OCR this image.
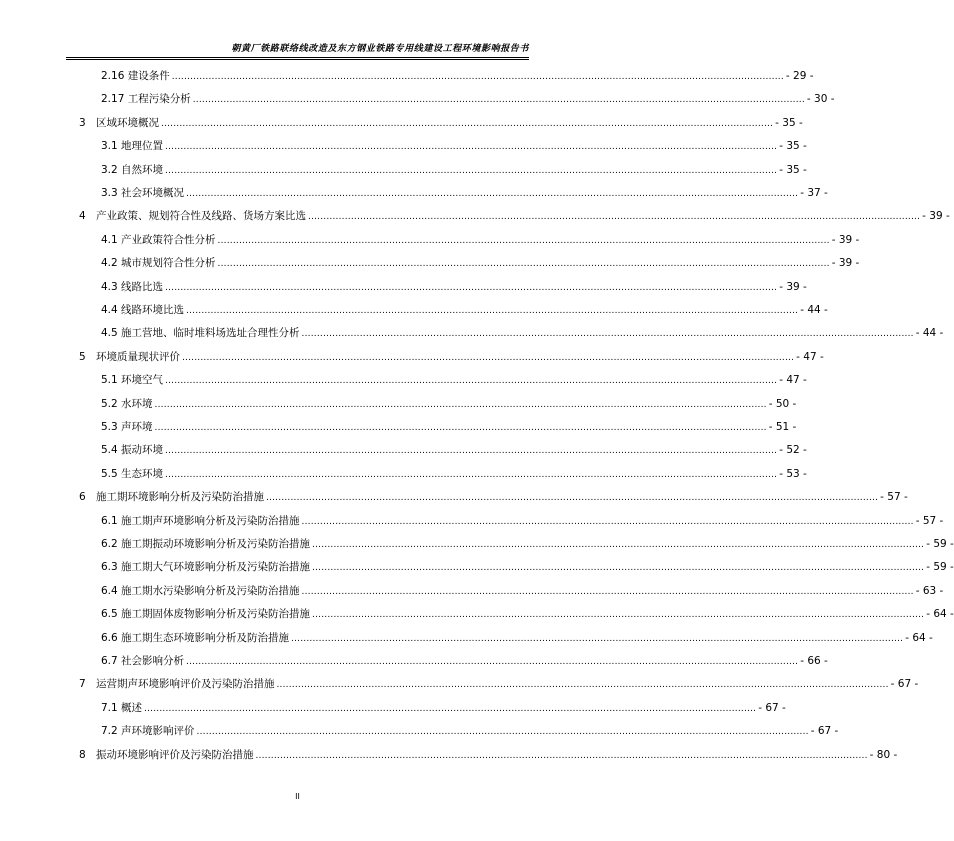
朝黄厂铁路联络线改造及东方钢业铁路专用线建设工程环境影响报告书
2.16 建设条件 ........................................................................................................................................................................................................ - 29 -
2.17 工程污染分析 ........................................................................................................................................................................................................ - 30 -
3 区域环境概况 ........................................................................................................................................................................................................ - 35 -
3.1 地理位置 ........................................................................................................................................................................................................ - 35 -
3.2 自然环境 ........................................................................................................................................................................................................ - 35 -
3.3 社会环境概况 ........................................................................................................................................................................................................ - 37 -
4 产业政策、规划符合性及线路、货场方案比选 ........................................................................................................................................................................................................ - 39 -
4.1 产业政策符合性分析 ........................................................................................................................................................................................................ - 39 -
4.2 城市规划符合性分析 ........................................................................................................................................................................................................ - 39 -
4.3 线路比选 ........................................................................................................................................................................................................ - 39 -
4.4 线路环境比选 ........................................................................................................................................................................................................ - 44 -
4.5 施工营地、临时堆料场选址合理性分析 ........................................................................................................................................................................................................ - 44 -
5 环境质量现状评价 ........................................................................................................................................................................................................ - 47 -
5.1 环境空气 ........................................................................................................................................................................................................ - 47 -
5.2 水环境 ........................................................................................................................................................................................................ - 50 -
5.3 声环境 ........................................................................................................................................................................................................ - 51 -
5.4 振动环境 ........................................................................................................................................................................................................ - 52 -
5.5 生态环境 ........................................................................................................................................................................................................ - 53 -
6 施工期环境影响分析及污染防治措施 ........................................................................................................................................................................................................ - 57 -
6.1 施工期声环境影响分析及污染防治措施 ........................................................................................................................................................................................................ - 57 -
6.2 施工期振动环境影响分析及污染防治措施 ........................................................................................................................................................................................................ - 59 -
6.3 施工期大气环境影响分析及污染防治措施 ........................................................................................................................................................................................................ - 59 -
6.4 施工期水污染影响分析及污染防治措施 ........................................................................................................................................................................................................ - 63 -
6.5 施工期固体废物影响分析及污染防治措施 ........................................................................................................................................................................................................ - 64 -
6.6 施工期生态环境影响分析及防治措施 ........................................................................................................................................................................................................ - 64 -
6.7 社会影响分析 ........................................................................................................................................................................................................ - 66 -
7 运营期声环境影响评价及污染防治措施 ........................................................................................................................................................................................................ - 67 -
7.1 概述 ........................................................................................................................................................................................................ - 67 -
7.2 声环境影响评价 ........................................................................................................................................................................................................ - 67 -
8 振动环境影响评价及污染防治措施 ........................................................................................................................................................................................................ - 80 -
II
